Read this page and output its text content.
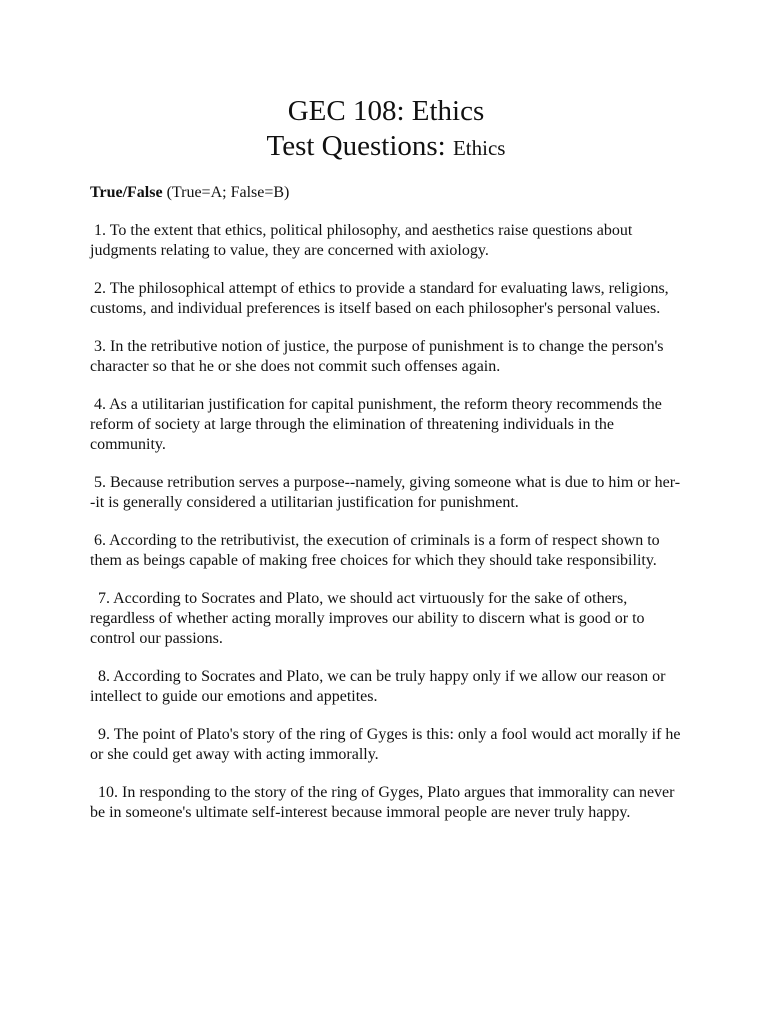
GEC 108: Ethics
Test Questions: Ethics

True/False (True=A; False=B)

1. To the extent that ethics, political philosophy, and aesthetics raise questions about judgments relating to value, they are concerned with axiology.

2. The philosophical attempt of ethics to provide a standard for evaluating laws, religions, customs, and individual preferences is itself based on each philosopher's personal values.

3. In the retributive notion of justice, the purpose of punishment is to change the person's character so that he or she does not commit such offenses again.

4. As a utilitarian justification for capital punishment, the reform theory recommends the reform of society at large through the elimination of threatening individuals in the community.

5. Because retribution serves a purpose--namely, giving someone what is due to him or her--it is generally considered a utilitarian justification for punishment.

6. According to the retributivist, the execution of criminals is a form of respect shown to them as beings capable of making free choices for which they should take responsibility.

7. According to Socrates and Plato, we should act virtuously for the sake of others, regardless of whether acting morally improves our ability to discern what is good or to control our passions.

8. According to Socrates and Plato, we can be truly happy only if we allow our reason or intellect to guide our emotions and appetites.

9. The point of Plato's story of the ring of Gyges is this: only a fool would act morally if he or she could get away with acting immorally.

10. In responding to the story of the ring of Gyges, Plato argues that immorality can never be in someone's ultimate self-interest because immoral people are never truly happy.
